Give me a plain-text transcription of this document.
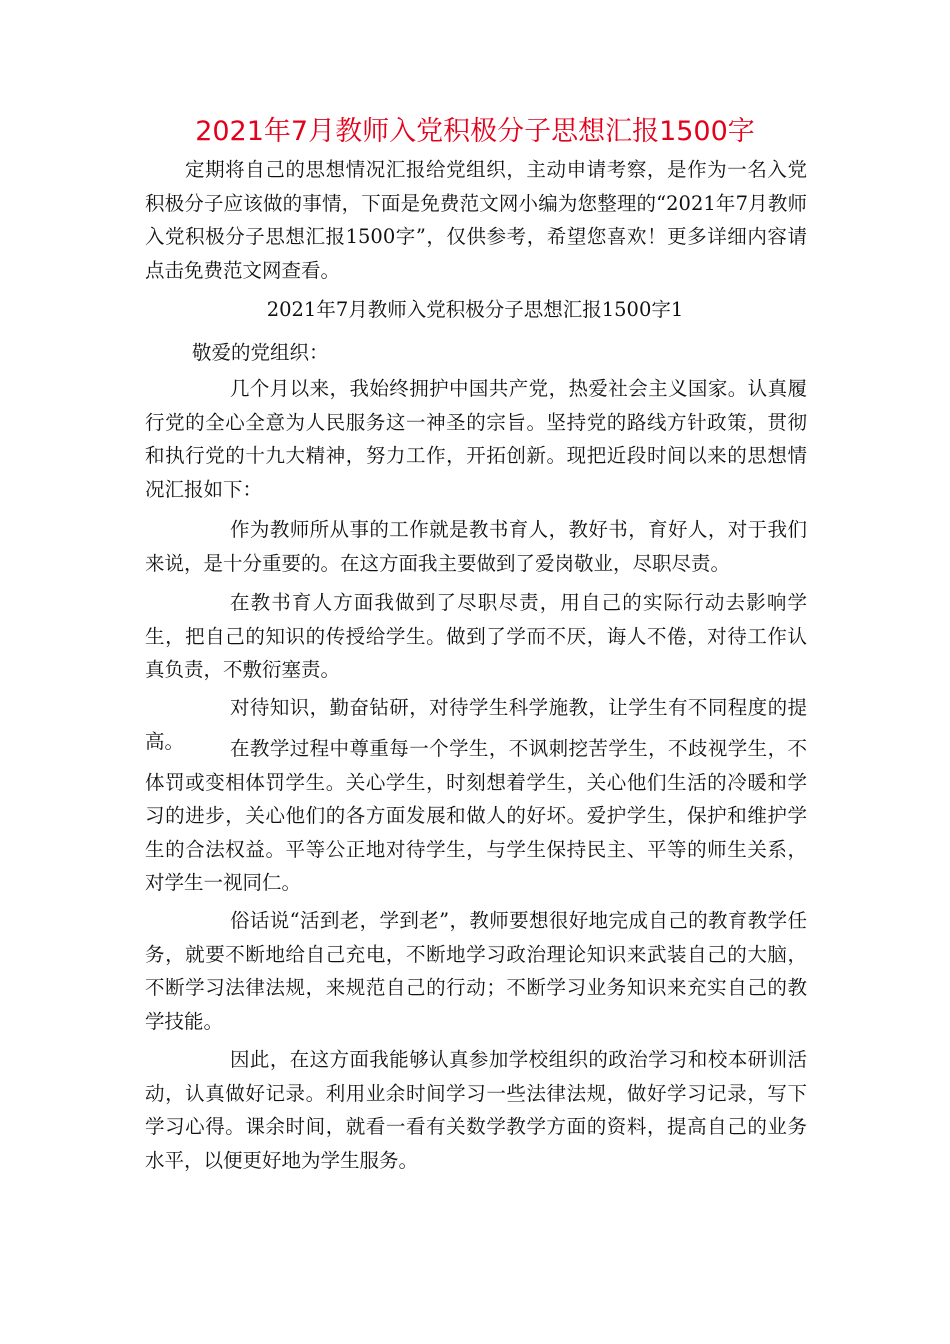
2021年7月教师入党积极分子思想汇报1500字

定期将自己的思想情况汇报给党组织，主动申请考察，是作为一名入党积极分子应该做的事情，下面是免费范文网小编为您整理的“2021年7月教师入党积极分子思想汇报1500字”，仅供参考，希望您喜欢！更多详细内容请点击免费范文网查看。

2021年7月教师入党积极分子思想汇报1500字1

敬爱的党组织：

几个月以来，我始终拥护中国共产党，热爱社会主义国家。认真履行党的全心全意为人民服务这一神圣的宗旨。坚持党的路线方针政策，贯彻和执行党的十九大精神，努力工作，开拓创新。现把近段时间以来的思想情况汇报如下：

作为教师所从事的工作就是教书育人，教好书，育好人，对于我们来说，是十分重要的。在这方面我主要做到了爱岗敬业，尽职尽责。

在教书育人方面我做到了尽职尽责，用自己的实际行动去影响学生，把自己的知识的传授给学生。做到了学而不厌，诲人不倦，对待工作认真负责，不敷衍塞责。

对待知识，勤奋钻研，对待学生科学施教，让学生有不同程度的提高。	在教学过程中尊重每一个学生，不讽刺挖苦学生，不歧视学生，不体罚或变相体罚学生。关心学生，时刻想着学生，关心他们生活的冷暖和学习的进步，关心他们的各方面发展和做人的好坏。爱护学生，保护和维护学生的合法权益。平等公正地对待学生，与学生保持民主、平等的师生关系，对学生一视同仁。

俗话说“活到老，学到老”，教师要想很好地完成自己的教育教学任务，就要不断地给自己充电，不断地学习政治理论知识来武装自己的大脑，不断学习法律法规，来规范自己的行动；不断学习业务知识来充实自己的教学技能。

因此，在这方面我能够认真参加学校组织的政治学习和校本研训活动，认真做好记录。利用业余时间学习一些法律法规，做好学习记录，写下学习心得。课余时间，就看一看有关数学教学方面的资料，提高自己的业务水平，以便更好地为学生服务。
